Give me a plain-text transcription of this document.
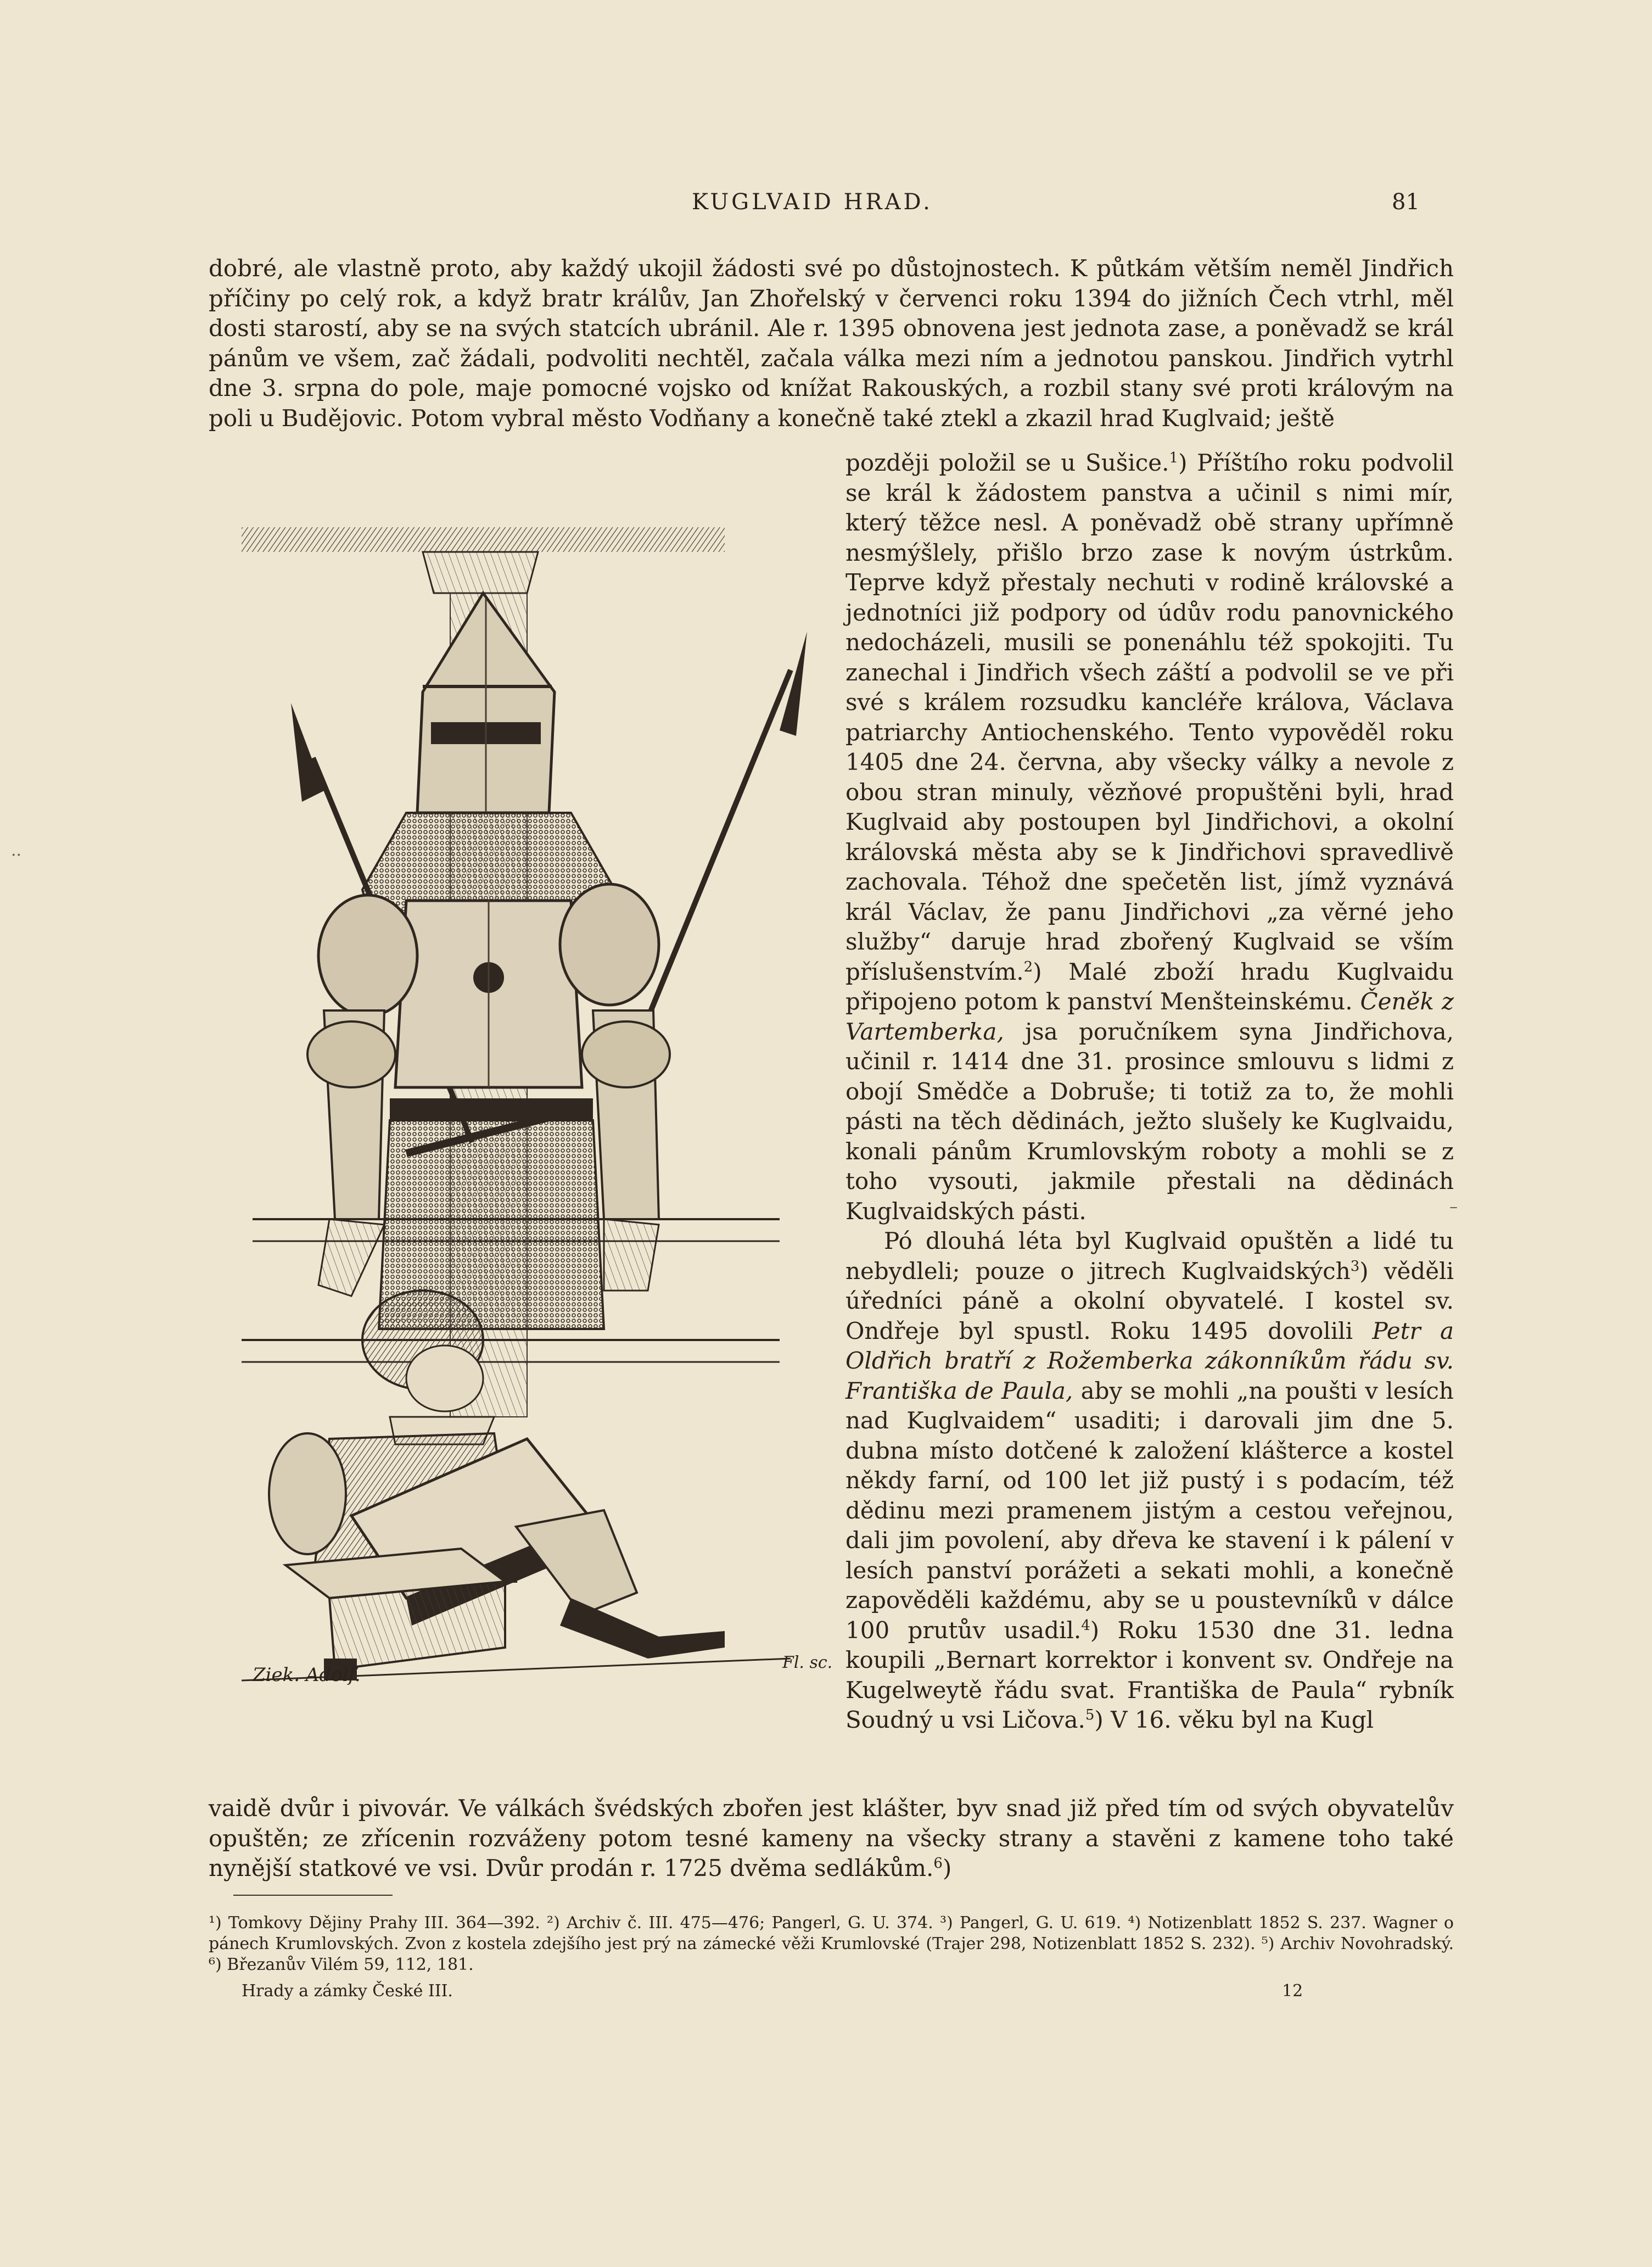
KUGLVAID HRAD.	81

dobré, ale vlastně proto, aby každý ukojil žádosti své po důstojnostech. K půtkám větším neměl Jindřich příčiny po celý rok, a když bratr králův, Jan Zhořelský v červenci roku 1394 do jižních Čech vtrhl, měl dosti starostí, aby se na svých statcích ubránil. Ale r. 1395 obnovena jest jednota zase, a poněvadž se král pánům ve všem, zač žádali, podvoliti nechtěl, začala válka mezi ním a jednotou panskou. Jindřich vytrhl dne 3. srpna do pole, maje pomocné vojsko od knížat Rakouských, a rozbil stany své proti královým na poli u Budějovic. Potom vybral město Vodňany a konečně také ztekl a zkazil hrad Kuglvaid; ještě

Ziek. Adolf.
Fl. sc.

později položil se u Sušice.$^1$) Příštího roku podvolil se král k žádostem panstva a učinil s nimi mír, který těžce nesl. A poněvadž obě strany upřímně nesmýšlely, přišlo brzo zase k novým ústrkům. Teprve když přestaly nechuti v rodině královské a jednotníci již podpory od údův rodu panovnického nedocházeli, musili se ponenáhlu též spokojiti. Tu zanechal i Jindřich všech záští a podvolil se ve při své s králem rozsudku kancléře králova, Václava patriarchy Antiochenského. Tento vypověděl roku 1405 dne 24. června, aby všecky války a nevole z obou stran minuly, vězňové propuštěni byli, hrad Kuglvaid aby postoupen byl Jindřichovi, a okolní královská města aby se k Jindřichovi spravedlivě zachovala. Téhož dne spečetěn list, jímž vyznává král Václav, že panu Jindřichovi „za věrné jeho služby“ daruje hrad zbořený Kuglvaid se vším příslušenstvím.$^2$) Malé zboží hradu Kuglvaidu připojeno potom k panství Menšteinskému. Čeněk z Vartemberka, jsa poručníkem syna Jindřichova, učinil r. 1414 dne 31. prosince smlouvu s lidmi z obojí Smědče a Dobruše; ti totiž za to, že mohli pásti na těch dědinách, ježto slušely ke Kuglvaidu, konali pánům Krumlovským roboty a mohli se z toho vysouti, jakmile přestali na dědinách Kuglvaidských pásti.

Pó dlouhá léta byl Kuglvaid opuštěn a lidé tu nebydleli; pouze o jitrech Kuglvaidských$^3$) věděli úředníci páně a okolní obyvatelé. I kostel sv. Ondřeje byl spustl. Roku 1495 dovolili Petr a Oldřich bratří z Rožemberka zákonníkům řádu sv. Františka de Paula, aby se mohli „na poušti v lesích nad Kuglvaidem“ usaditi; i darovali jim dne 5. dubna místo dotčené k založení klášterce a kostel někdy farní, od 100 let již pustý i s podacím, též dědinu mezi pramenem jistým a cestou veřejnou, dali jim povolení, aby dřeva ke stavení i k pálení v lesích panství porážeti a sekati mohli, a konečně zapověděli každému, aby se u poustevníků v dálce 100 prutův usadil.$^4$) Roku 1530 dne 31. ledna koupili „Bernart korrektor i konvent sv. Ondřeje na Kugelweytě řádu svat. Františka de Paula“ rybník Soudný u vsi Ličova.$^5$) V 16. věku byl na Kugl

vaidě dvůr i pivovár. Ve válkách švédských zbořen jest klášter, byv snad již před tím od svých obyvatelův opuštěn; ze zřícenin rozváženy potom tesné kameny na všecky strany a stavěni z kamene toho také nynější statkové ve vsi. Dvůr prodán r. 1725 dvěma sedlákům.$^6$)

¹) Tomkovy Dějiny Prahy III. 364—392. ²) Archiv č. III. 475—476; Pangerl, G. U. 374. ³) Pangerl, G. U. 619. ⁴) Notizenblatt 1852 S. 237. Wagner o pánech Krumlovských. Zvon z kostela zdejšího jest prý na zámecké věži Krumlovské (Trajer 298, Notizenblatt 1852 S. 232). ⁵) Archiv Novohradský. ⁶) Březanův Vilém 59, 112, 181.
Hrady a zámky České III.	12
–
··
